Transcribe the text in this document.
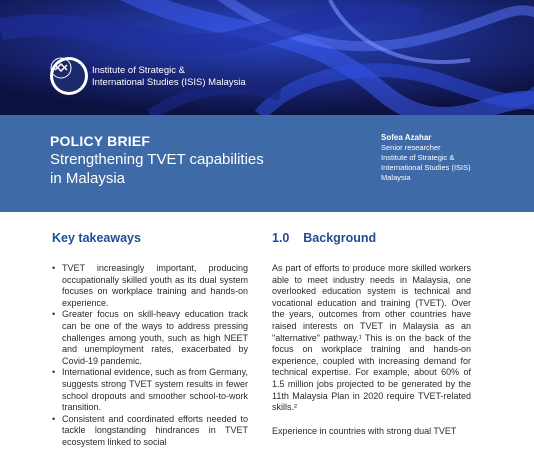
Institute of Strategic &
International Studies (ISIS) Malaysia
POLICY BRIEF
Strengthening TVET capabilities
in Malaysia
Sofea Azahar
Senior researcher
Institute of Strategic &
International Studies (ISIS)
Malaysia
Key takeaways
• TVET increasingly important, producing occupationally skilled youth as its dual system focuses on workplace training and hands-on experience.
• Greater focus on skill-heavy education track can be one of the ways to address pressing challenges among youth, such as high NEET and unemployment rates, exacerbated by Covid-19 pandemic.
• International evidence, such as from Germany, suggests strong TVET system results in fewer school dropouts and smoother school-to-work transition.
• Consistent and coordinated efforts needed to tackle longstanding hindrances in TVET ecosystem linked to social
1.0    Background

As part of efforts to produce more skilled workers able to meet industry needs in Malaysia, one overlooked education system is technical and vocational education and training (TVET). Over the years, outcomes from other countries have raised interests on TVET in Malaysia as an "alternative" pathway.¹ This is on the back of the focus on workplace training and hands-on experience, coupled with increasing demand for technical expertise. For example, about 60% of 1.5 million jobs projected to be generated by the 11th Malaysia Plan in 2020 require TVET-related skills.²

Experience in countries with strong dual TVET
